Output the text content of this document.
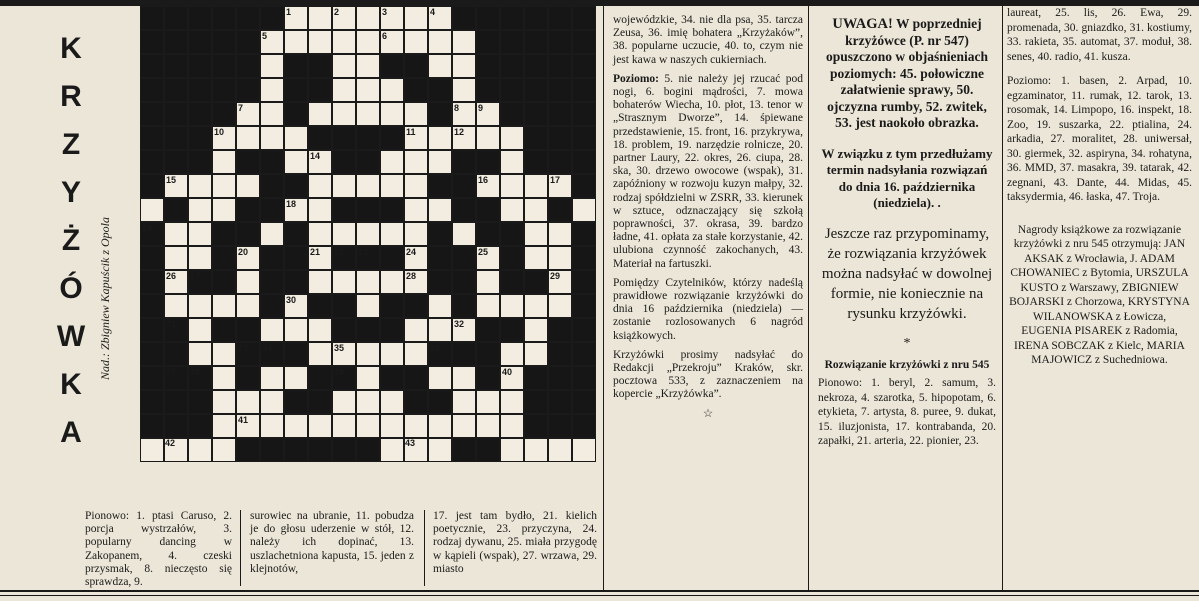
K
R
Z
Y
Ż
Ó
W
K
A
Nad.: Zbigniew Kapuścik z Opola
1	2	3	4
5	6
7	8 9
10	11	12
14
15	16	17
18
19
20	21 22 23	24	25
26 27	28	29
30
31	32
33 34	35	36
37 38	39	40
41
42	43

wojewódzkie, 34. nie dla psa, 35. tarcza Zeusa, 36. imię bohatera „Krzyżaków”, 38. popularne uczucie, 40. to, czym nie jest kawa w naszych cukierniach.

Poziomo: 5. nie należy jej rzucać pod nogi, 6. bogini mądrości, 7. mowa bohaterów Wiecha, 10. płot, 13. tenor w „Strasznym Dworze”, 14. śpiewane przedstawienie, 15. front, 16. przykrywa, 18. problem, 19. narzędzie rolnicze, 20. partner Laury, 22. okres, 26. ciupa, 28. ska, 30. drzewo owocowe (wspak), 31. zapóźniony w rozwoju kuzyn małpy, 32. rodzaj spółdzielni w ZSRR, 33. kierunek w sztuce, odznaczający się szkołą poprawności, 37. okrasa, 39. bardzo ładne, 41. opłata za stałe korzystanie, 42. ulubiona czynność zakochanych, 43. Materiał na fartuszki.

Pomiędzy Czytelników, którzy nadeślą prawidłowe rozwiązanie krzyżówki do dnia 16 października (niedziela) — zostanie rozlosowanych 6 nagród książkowych.

Krzyżówki prosimy nadsyłać do Redakcji „Przekroju” Kraków, skr. pocztowa 533, z zaznaczeniem na kopercie „Krzyżówka”.

☆
Pionowo: 1. ptasi Caruso, 2. porcja wystrzałów, 3. popularny dancing w Zakopanem, 4. czeski przysmak, 8. nieczęsto się sprawdza, 9.
surowiec na ubranie, 11. pobudza je do głosu uderzenie w stół, 12. należy ich dopinać, 13. uszlachetniona kapusta, 15. jeden z klejnotów,
17. jest tam bydło, 21. kielich poetycznie, 23. przyczyna, 24. rodzaj dywanu, 25. miała przygodę w kąpieli (wspak), 27. wrzawa, 29. miasto
UWAGA! W poprzedniej krzyżówce (P. nr 547) opuszczono w objaśnieniach poziomych: 45. połowiczne załatwienie sprawy, 50. ojczyzna rumby, 52. zwitek, 53. jest naokoło obrazka.
W związku z tym przedłużamy termin nadsyłania rozwiązań do dnia 16. października (niedziela). .
Jeszcze raz przypominamy, że rozwiązania krzyżówek można nadsyłać w dowolnej formie, nie koniecznie na rysunku krzyżówki.
*
Rozwiązanie krzyżówki z nru 545
Pionowo: 1. beryl, 2. samum, 3. nekroza, 4. szarotka, 5. hipopotam, 6. etykieta, 7. artysta, 8. puree, 9. dukat, 15. iluzjonista, 17. kontrabanda, 20. zapałki, 21. arteria, 22. pionier, 23.

laureat, 25. lis, 26. Ewa, 29. promenada, 30. gniazdko, 31. kostiumy, 33. rakieta, 35. automat, 37. moduł, 38. senes, 40. radio, 41. kusza.

Poziomo: 1. basen, 2. Arpad, 10. egzaminator, 11. rumak, 12. tarok, 13. rosomak, 14. Limpopo, 16. inspekt, 18. Zoo, 19. suszarka, 22. ptialina, 24. arkadia, 27. moralitet, 28. uniwersał, 30. giermek, 32. aspiryna, 34. rohatyna, 36. MMD, 37. masakra, 39. tatarak, 42. zegnani, 43. Dante, 44. Midas, 45. taksydermia, 46. łaska, 47. Troja.

Nagrody książkowe za rozwiązanie krzyżówki z nru 545 otrzymują: JAN AKSAK z Wrocławia, J. ADAM CHOWANIEC z Bytomia, URSZULA KUSTO z Warszawy, ZBIGNIEW BOJARSKI z Chorzowa, KRYSTYNA WILANOWSKA z Łowicza, EUGENIA PISAREK z Radomia, IRENA SOBCZAK z Kielc, MARIA MAJOWICZ z Suchedniowa.
